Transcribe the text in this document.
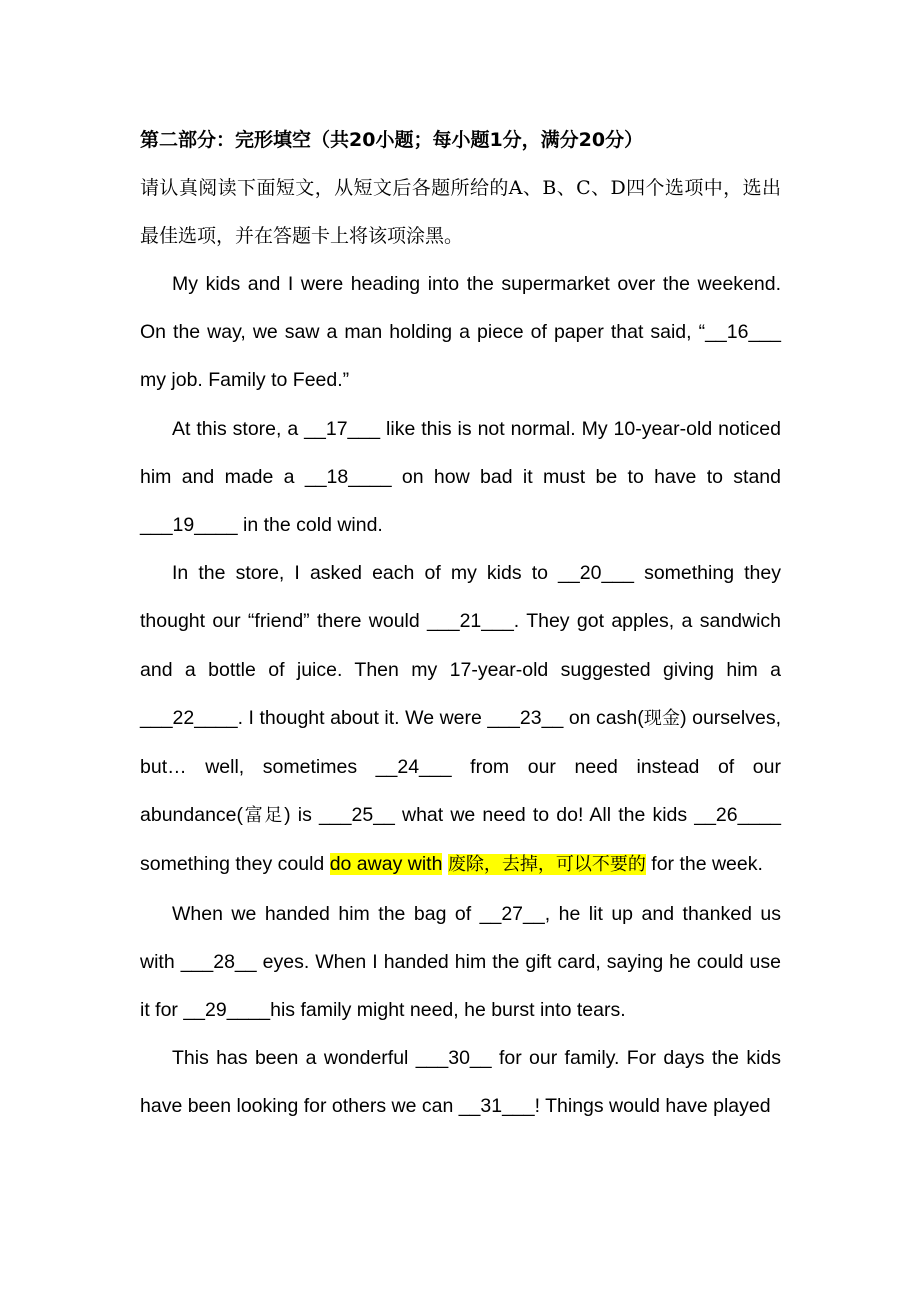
第二部分：完形填空（共20小题；每小题1分，满分20分）
请认真阅读下面短文，从短文后各题所给的A、B、C、D四个选项中，选出最佳选项，并在答题卡上将该项涂黑。

My kids and I were heading into the supermarket over the weekend. On the way, we saw a man holding a piece of paper that said, “__16___ my job. Family to Feed.”

At this store, a __17___ like this is not normal. My 10-year-old noticed him and made a __18____ on how bad it must be to have to stand ___19____ in the cold wind.

In the store, I asked each of my kids to __20___ something they thought our “friend” there would ___21___. They got apples, a sandwich and a bottle of juice. Then my 17-year-old suggested giving him a ___22____. I thought about it. We were ___23__ on cash(现金) ourselves, but… well, sometimes __24___ from our need instead of our abundance(富足) is ___25__ what we need to do! All the kids __26____ something they could do away with 废除，去掉，可以不要的 for the week.

When we handed him the bag of __27__, he lit up and thanked us with ___28__ eyes. When I handed him the gift card, saying he could use it for __29____his family might need, he burst into tears.

This has been a wonderful ___30__ for our family. For days the kids have been looking for others we can __31___! Things would have played
